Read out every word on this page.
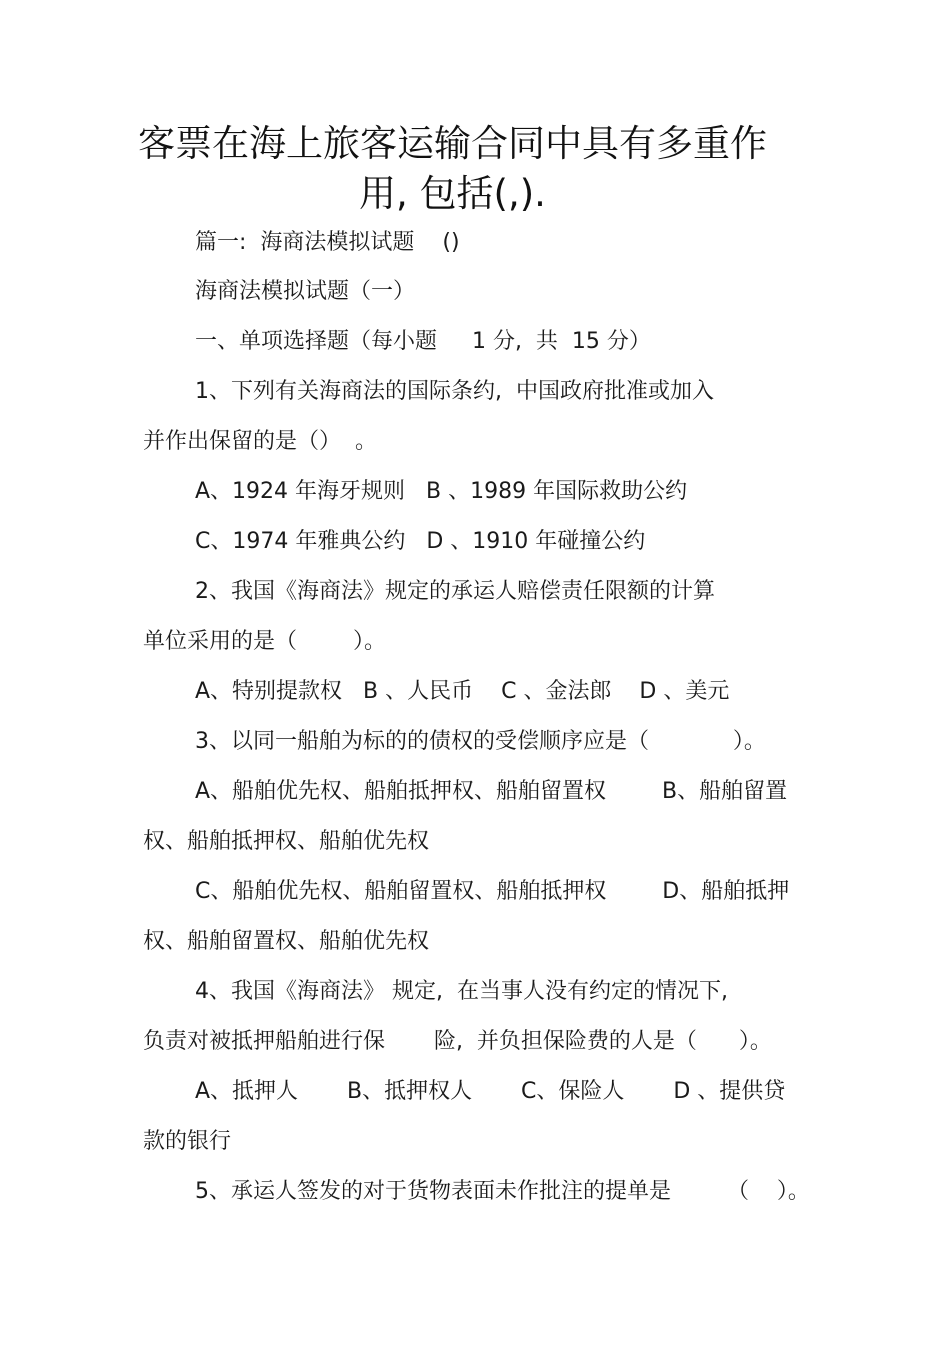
客票在海上旅客运输合同中具有多重作
用, 包括(,).
篇一:  海商法模拟试题    ()
海商法模拟试题（一）
一、单项选择题（每小题     1 分,  共  15 分）
1、下列有关海商法的国际条约,  中国政府批准或加入
并作出保留的是（）  。
A、1924 年海牙规则   B 、1989 年国际救助公约
C、1974 年雅典公约   D 、1910 年碰撞公约
2、我国《海商法》规定的承运人赔偿责任限额的计算
单位采用的是（        ）。
A、特别提款权   B 、人民币    C 、金法郎    D 、美元
3、以同一船舶为标的的债权的受偿顺序应是（            ）。
A、船舶优先权、船舶抵押权、船舶留置权        B、船舶留置
权、船舶抵押权、船舶优先权
C、船舶优先权、船舶留置权、船舶抵押权        D、船舶抵押
权、船舶留置权、船舶优先权
4、我国《海商法》 规定,  在当事人没有约定的情况下,
负责对被抵押船舶进行保       险,  并负担保险费的人是（      ）。
A、抵押人       B、抵押权人       C、保险人       D 、提供贷
款的银行
5、承运人签发的对于货物表面未作批注的提单是        （    ）。
